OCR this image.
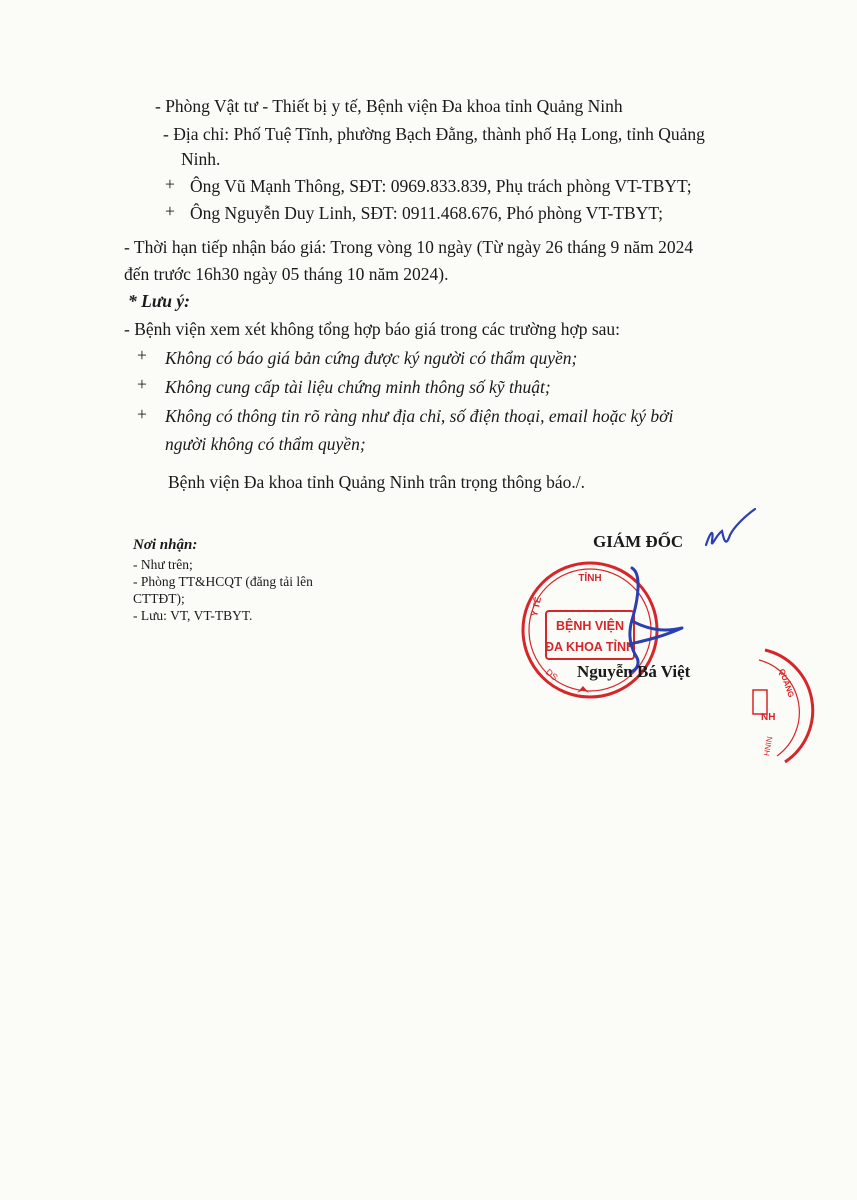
- Phòng Vật tư - Thiết bị y tế, Bệnh viện Đa khoa tỉnh Quảng Ninh
- Địa chỉ: Phố Tuệ Tĩnh, phường Bạch Đằng, thành phố Hạ Long, tỉnh Quảng
Ninh.
+ Ông Vũ Mạnh Thông, SĐT: 0969.833.839, Phụ trách phòng VT-TBYT;
+ Ông Nguyễn Duy Linh, SĐT: 0911.468.676, Phó phòng VT-TBYT;
- Thời hạn tiếp nhận báo giá: Trong vòng 10 ngày (Từ ngày 26 tháng 9 năm 2024
đến trước 16h30 ngày 05 tháng 10 năm 2024).
* Lưu ý:
- Bệnh viện xem xét không tổng hợp báo giá trong các trường hợp sau:
+ Không có báo giá bản cứng được ký người có thẩm quyền;
+ Không cung cấp tài liệu chứng minh thông số kỹ thuật;
+ Không có thông tin rõ ràng như địa chỉ, số điện thoại, email hoặc ký bởi
người không có thẩm quyền;
Bệnh viện Đa khoa tỉnh Quảng Ninh trân trọng thông báo./.
Nơi nhận:
- Như trên;
- Phòng TT&HCQT (đăng tải lên
CTTĐT);
- Lưu: VT, VT-TBYT.
GIÁM ĐỐC
TỈNH
BỆNH VIỆN
ĐA KHOA TỈNH
Y TẾ
DS Nguyễn Bá Việt	QUẢNG
NH
NINH
